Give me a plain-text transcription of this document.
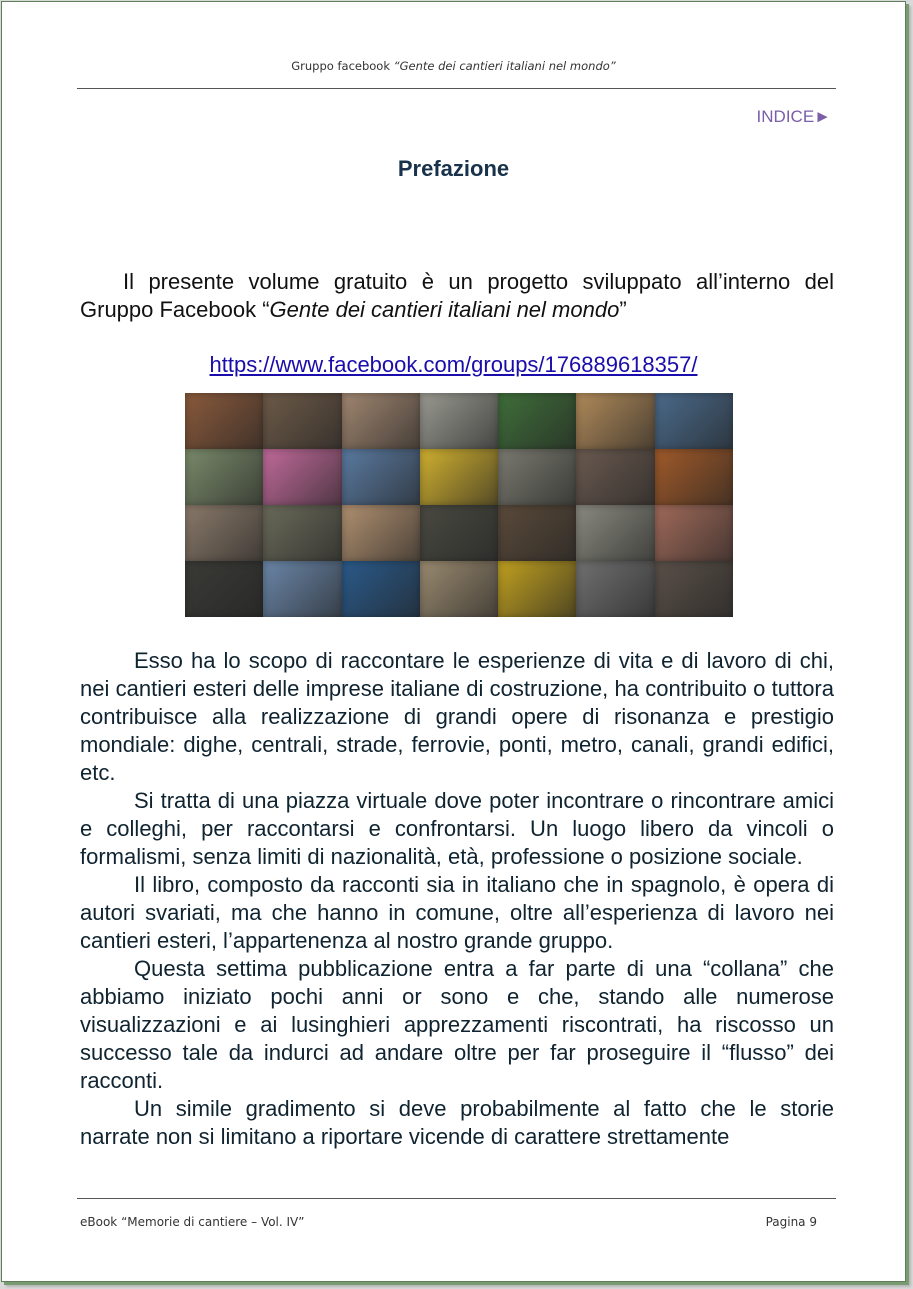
Gruppo facebook “Gente dei cantieri italiani nel mondo”
INDICE►
Prefazione
Il presente volume gratuito è un progetto sviluppato all’interno del Gruppo Facebook “Gente dei cantieri italiani nel mondo”
https://www.facebook.com/groups/176889618357/

Esso ha lo scopo di raccontare le esperienze di vita e di lavoro di chi, nei cantieri esteri delle imprese italiane di costruzione, ha contribuito o tuttora contribuisce alla realizzazione di grandi opere di risonanza e prestigio mondiale: dighe, centrali, strade, ferrovie, ponti, metro, canali, grandi edifici, etc.

Si tratta di una piazza virtuale dove poter incontrare o rincontrare amici e colleghi, per raccontarsi e confrontarsi. Un luogo libero da vincoli o formalismi, senza limiti di nazionalità, età, professione o posizione sociale.

Il libro, composto da racconti sia in italiano che in spagnolo, è opera di autori svariati, ma che hanno in comune, oltre all’esperienza di lavoro nei cantieri esteri, l’appartenenza al nostro grande gruppo.

Questa settima pubblicazione entra a far parte di una “collana” che abbiamo iniziato pochi anni or sono e che, stando alle numerose visualizzazioni e ai lusinghieri apprezzamenti riscontrati, ha riscosso un successo tale da indurci ad andare oltre per far proseguire il “flusso” dei racconti.

Un simile gradimento si deve probabilmente al fatto che le storie narrate non si limitano a riportare vicende di carattere strettamente

eBook “Memorie di cantiere – Vol. IV”	Pagina 9
